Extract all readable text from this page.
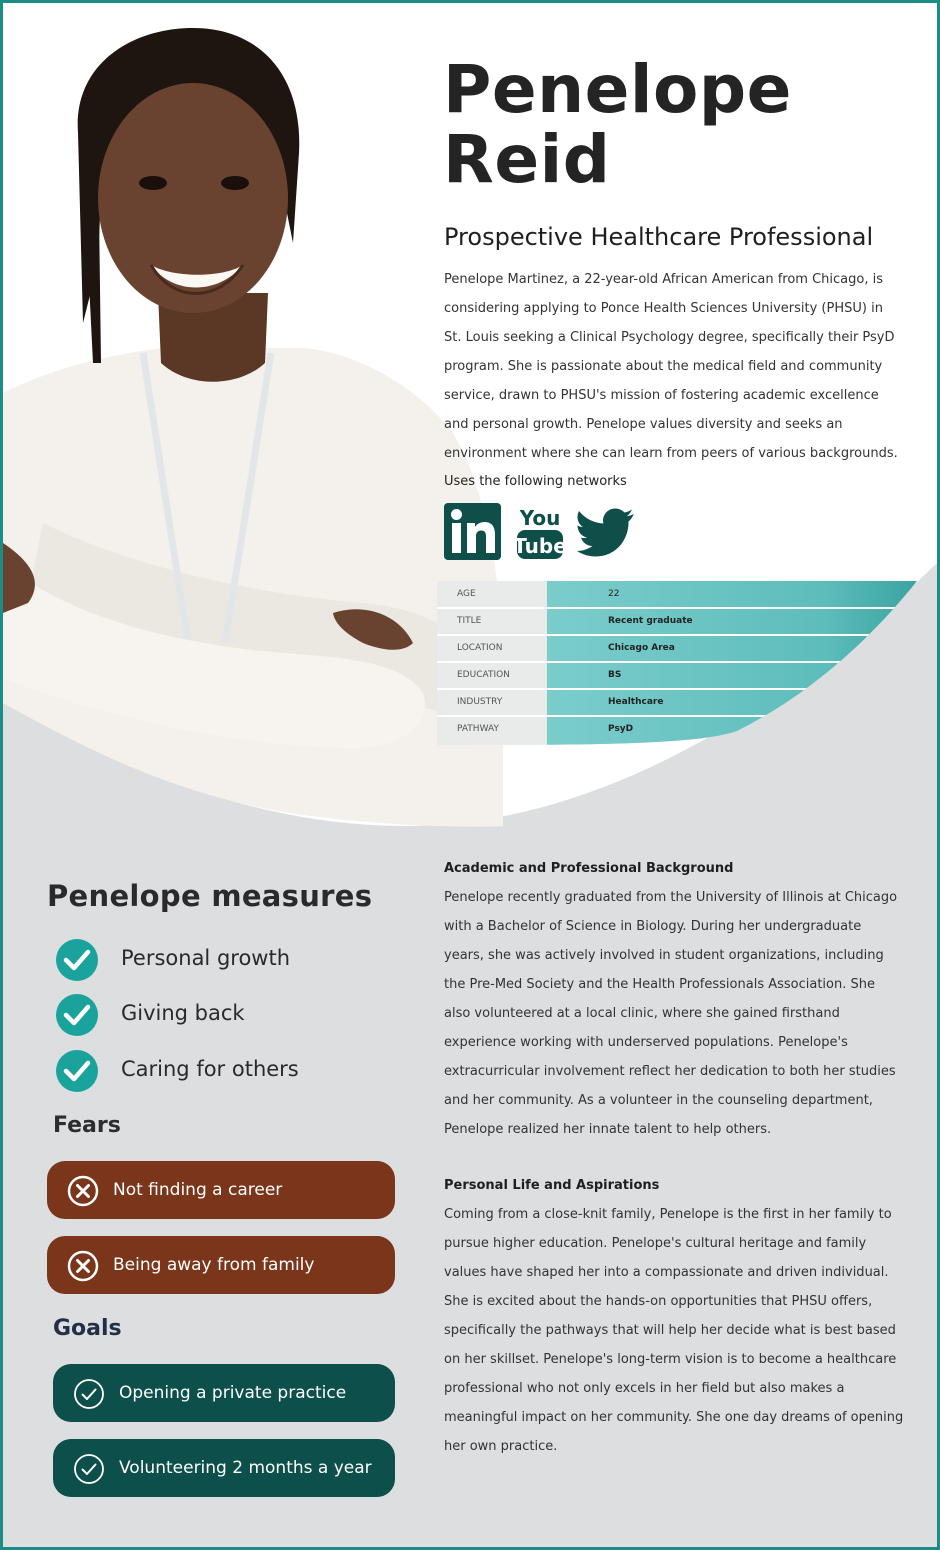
Penelope
Reid
Prospective Healthcare Professional
Penelope Martinez, a 22-year-old African American from Chicago, is considering applying to Ponce Health Sciences University (PHSU) in St. Louis seeking a Clinical Psychology degree, specifically their PsyD program. She is passionate about the medical field and community service, drawn to PHSU's mission of fostering academic excellence and personal growth. Penelope values diversity and seeks an environment where she can learn from peers of various backgrounds.
Uses the following networks
You
Tube
AGE	22
TITLE	Recent graduate
LOCATION	Chicago Area
EDUCATION	BS
INDUSTRY	Healthcare
PATHWAY	PsyD
Penelope measures
Personal growth
Giving back
Caring for others
Fears
Not finding a career
Being away from family
Goals
Opening a private practice
Volunteering 2 months a year
Academic and Professional Background
Penelope recently graduated from the University of Illinois at Chicago with a Bachelor of Science in Biology. During her undergraduate years, she was actively involved in student organizations, including the Pre-Med Society and the Health Professionals Association. She also volunteered at a local clinic, where she gained firsthand experience working with underserved populations. Penelope's extracurricular involvement reflect her dedication to both her studies and her community. As a volunteer in the counseling department, Penelope realized her innate talent to help others.
Personal Life and Aspirations
Coming from a close-knit family, Penelope is the first in her family to pursue higher education. Penelope's cultural heritage and family values have shaped her into a compassionate and driven individual. She is excited about the hands-on opportunities that PHSU offers, specifically the pathways that will help her decide what is best based on her skillset. Penelope's long-term vision is to become a healthcare professional who not only excels in her field but also makes a meaningful impact on her community. She one day dreams of opening her own practice.
